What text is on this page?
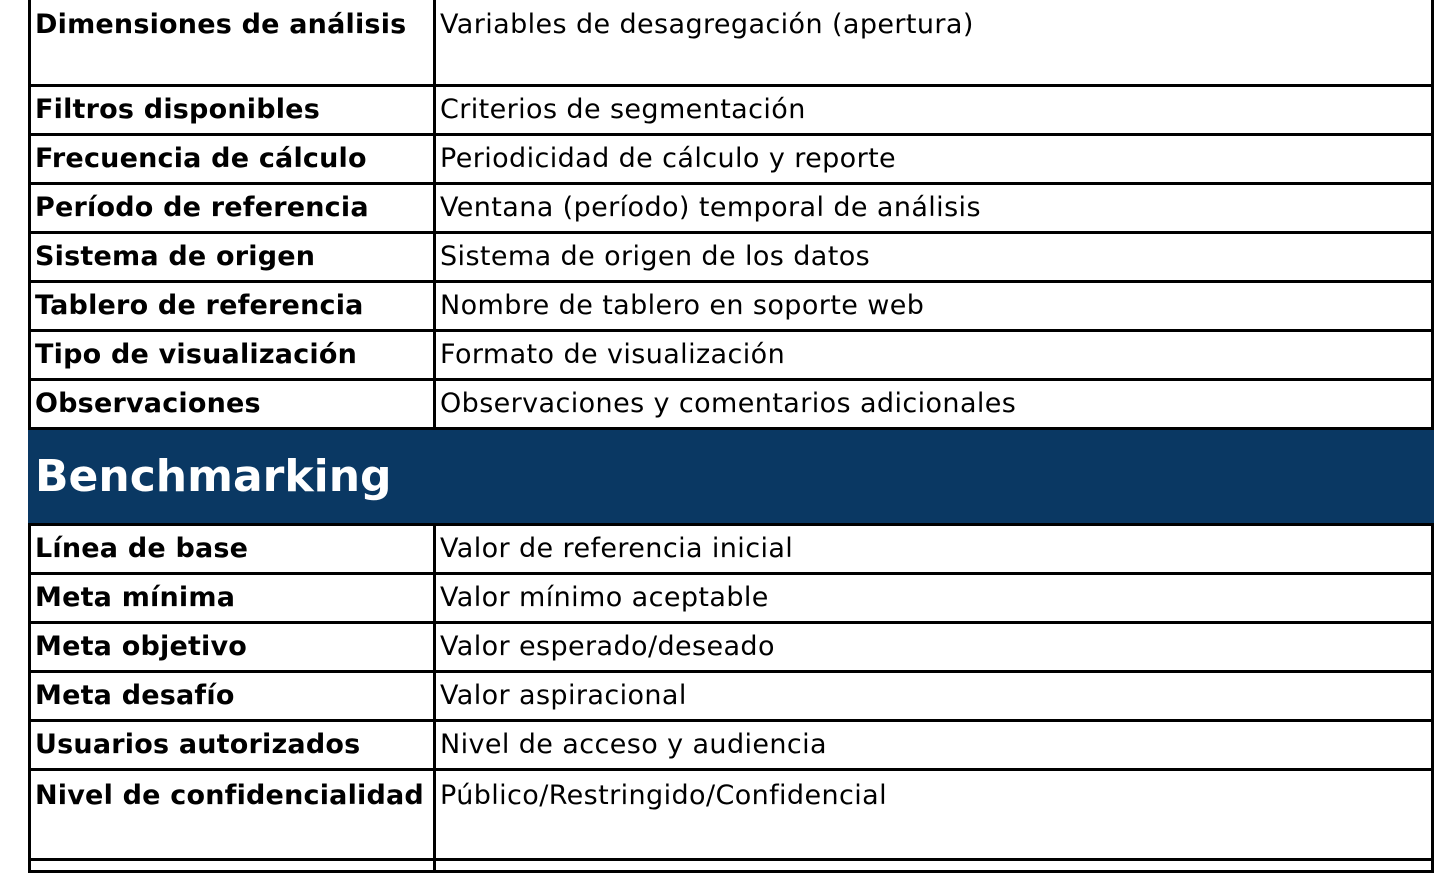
Dimensiones de análisis	Variables de desagregación (apertura)
Filtros disponibles	Criterios de segmentación
Frecuencia de cálculo	Periodicidad de cálculo y reporte
Período de referencia	Ventana (período) temporal de análisis
Sistema de origen	Sistema de origen de los datos
Tablero de referencia	Nombre de tablero en soporte web
Tipo de visualización	Formato de visualización
Observaciones	Observaciones y comentarios adicionales
Benchmarking	
Línea de base	Valor de referencia inicial
Meta mínima	Valor mínimo aceptable
Meta objetivo	Valor esperado/deseado
Meta desafío	Valor aspiracional
Usuarios autorizados	Nivel de acceso y audiencia
Nivel de confidencialidad	Público/Restringido/Confidencial
